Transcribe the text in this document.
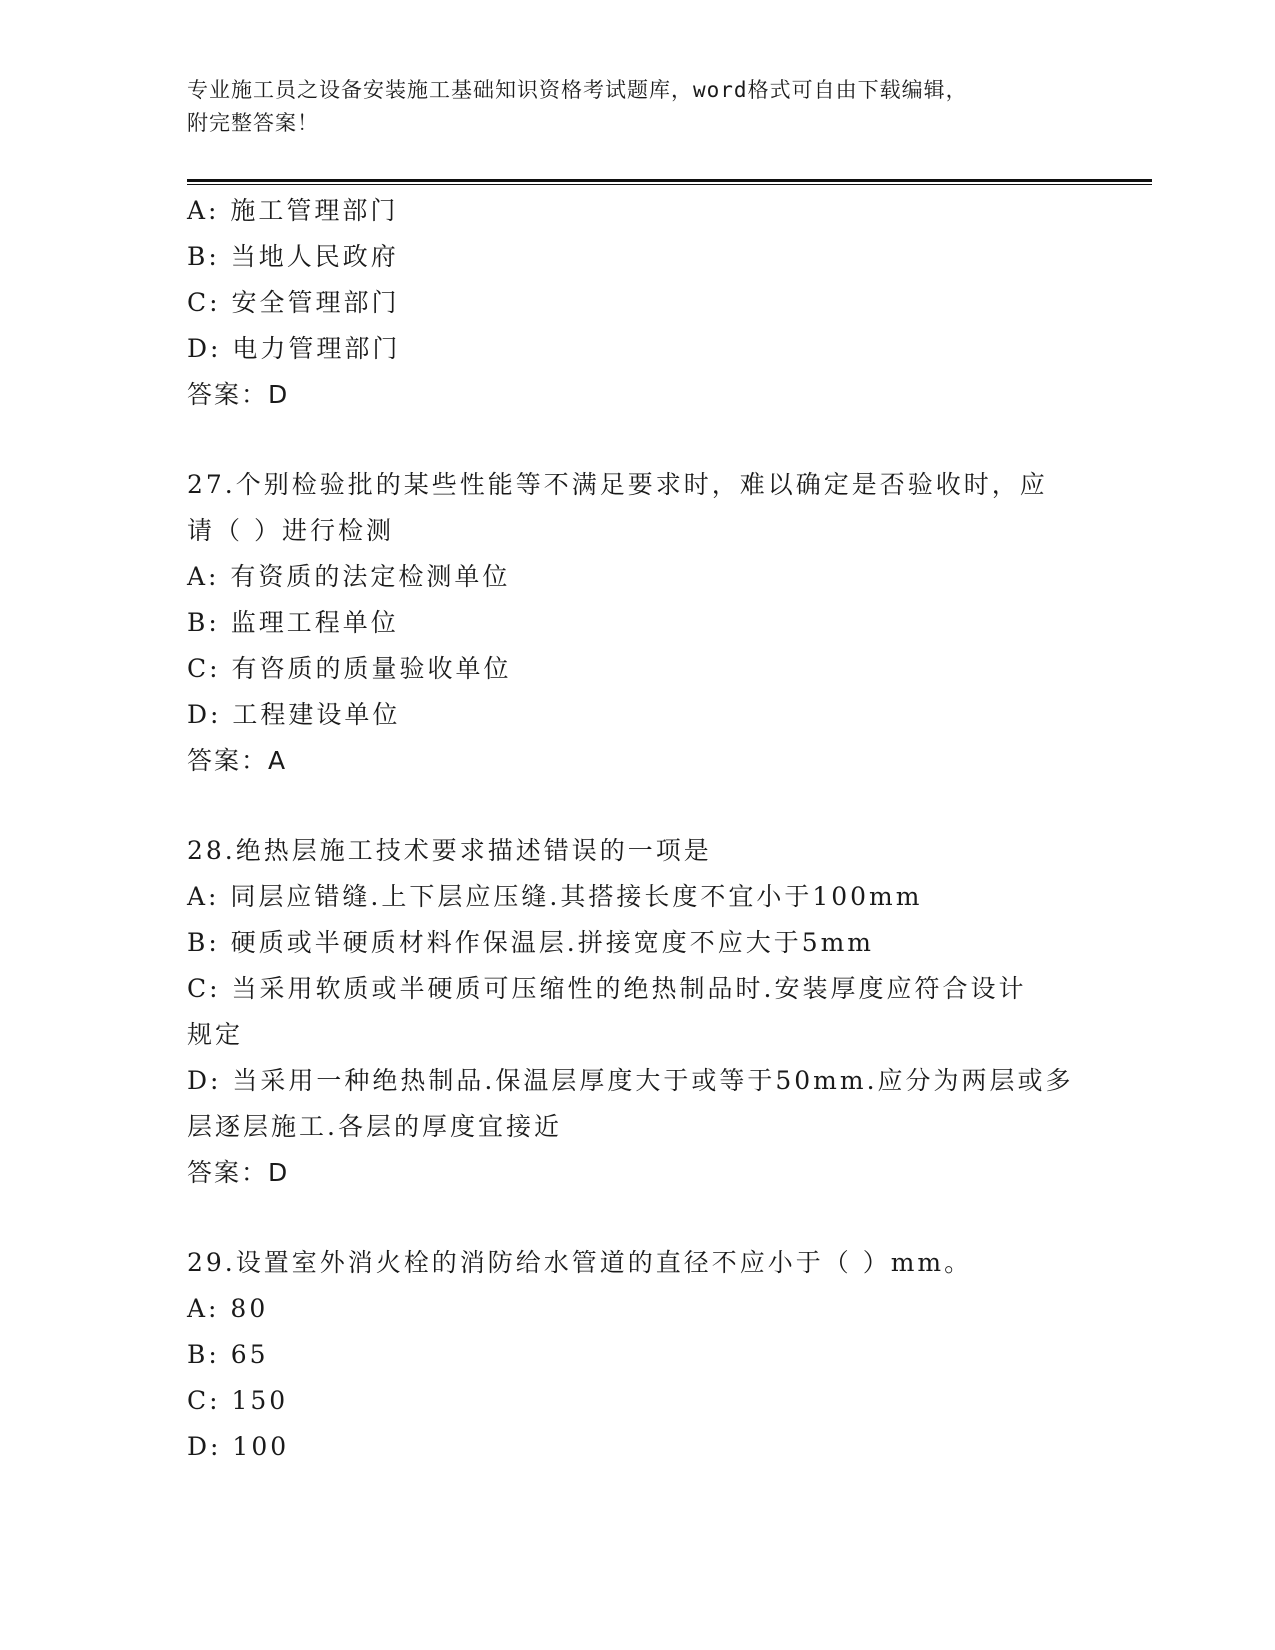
专业施工员之设备安装施工基础知识资格考试题库，word格式可自由下载编辑，
附完整答案！
A: 施工管理部门
B: 当地人民政府
C: 安全管理部门
D: 电力管理部门
答案：D
27.个别检验批的某些性能等不满足要求时，难以确定是否验收时，应
请（ ）进行检测
A: 有资质的法定检测单位
B: 监理工程单位
C: 有咨质的质量验收单位
D: 工程建设单位
答案：A
28.绝热层施工技术要求描述错误的一项是
A: 同层应错缝.上下层应压缝.其搭接长度不宜小于100mm
B: 硬质或半硬质材料作保温层.拼接宽度不应大于5mm
C: 当采用软质或半硬质可压缩性的绝热制品时.安装厚度应符合设计
规定
D: 当采用一种绝热制品.保温层厚度大于或等于50mm.应分为两层或多
层逐层施工.各层的厚度宜接近
答案：D
29.设置室外消火栓的消防给水管道的直径不应小于（ ）mm。
A: 80
B: 65
C: 150
D: 100
